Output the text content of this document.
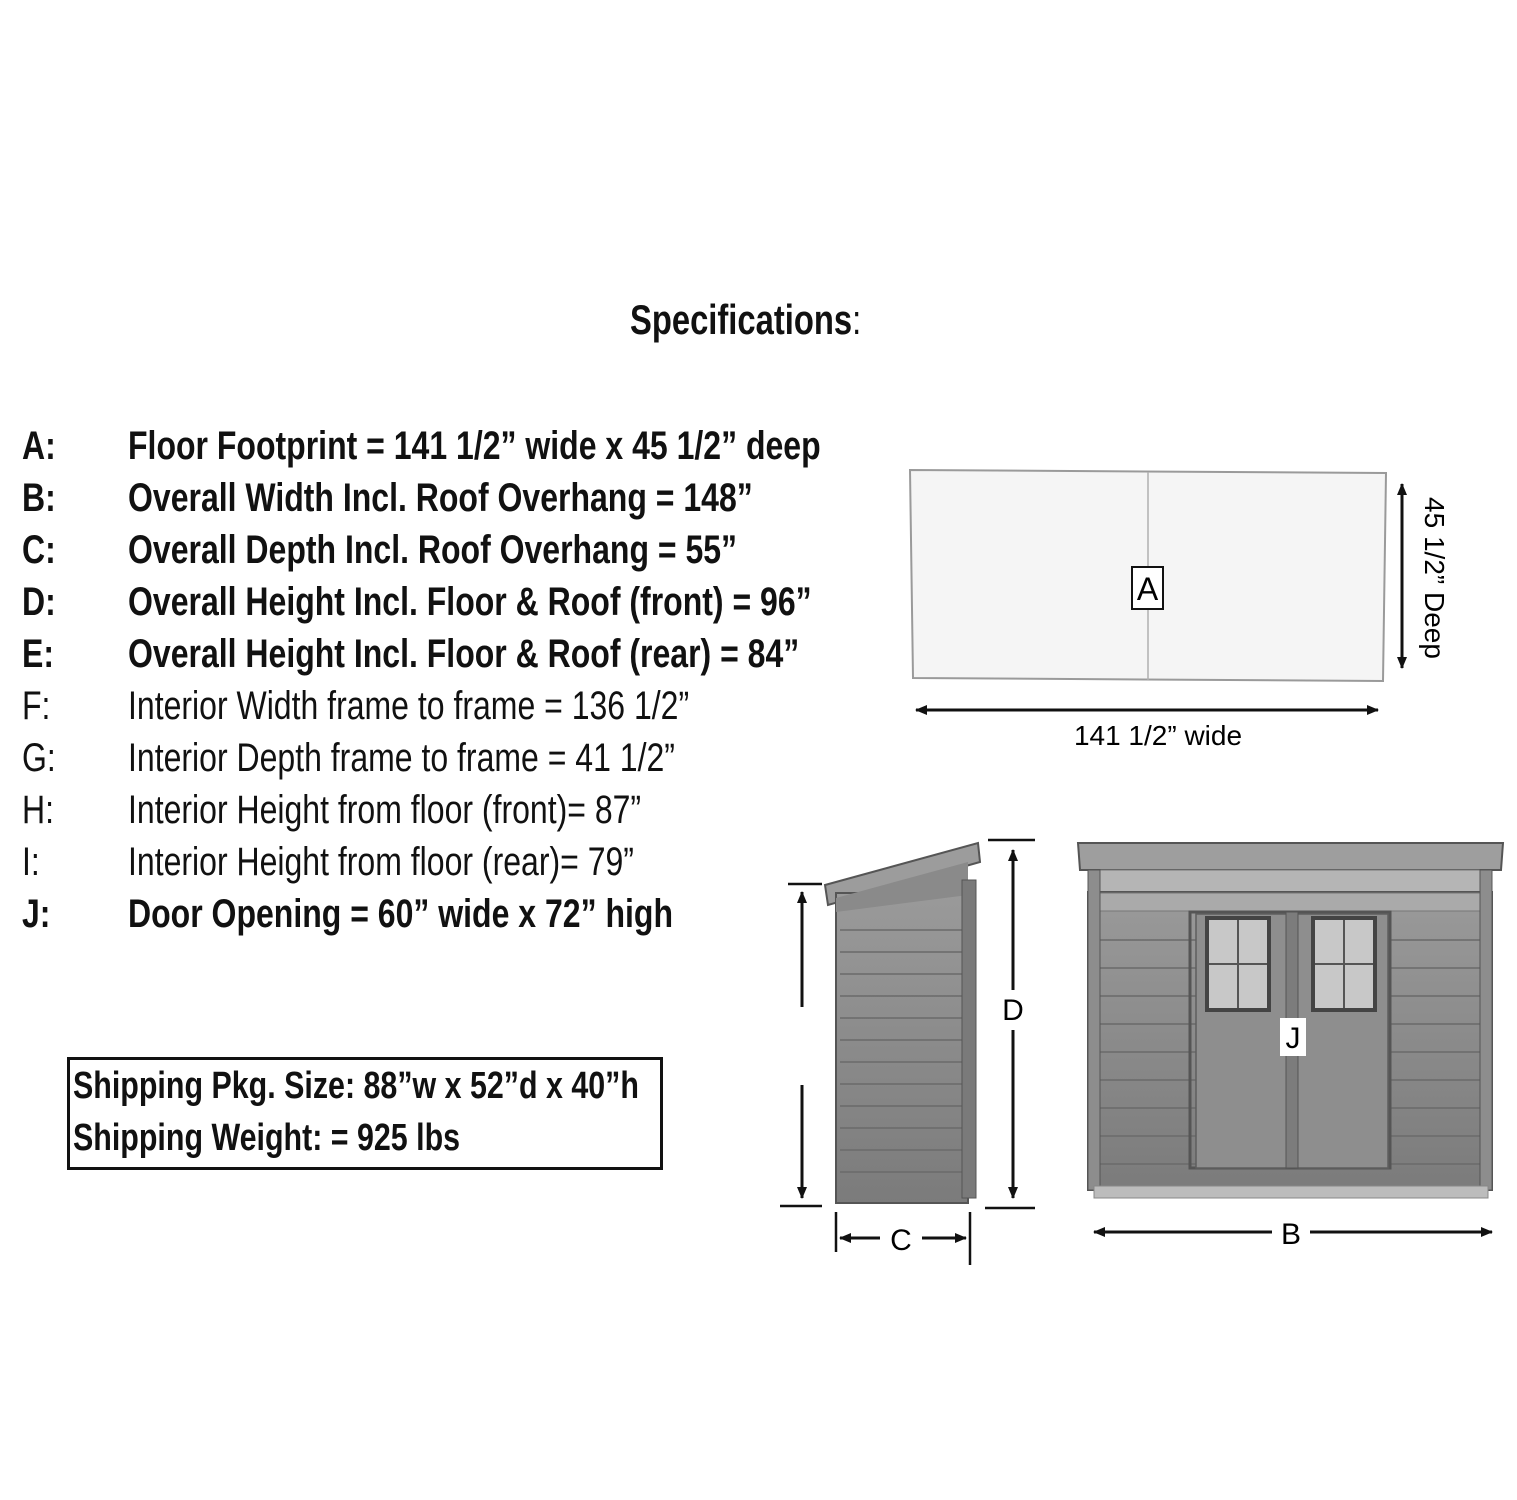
Specifications:
A: Floor Footprint = 141 1/2” wide x 45 1/2” deep
B: Overall Width Incl. Roof Overhang = 148”
C: Overall Depth Incl. Roof Overhang = 55”
D: Overall Height Incl. Floor & Roof (front) = 96”
E: Overall Height Incl. Floor & Roof (rear) = 84”
F: Interior Width frame to frame = 136 1/2”
G: Interior Depth frame to frame = 41 1/2”
H: Interior Height from floor (front)= 87”
I: Interior Height from floor (rear)= 79”
J: Door Opening = 60” wide x 72” high
Shipping Pkg. Size: 88”w x 52”d x 40”h
Shipping Weight: = 925 lbs
A
141 1/2” wide
45 1/2” Deep
D
C
J
B
